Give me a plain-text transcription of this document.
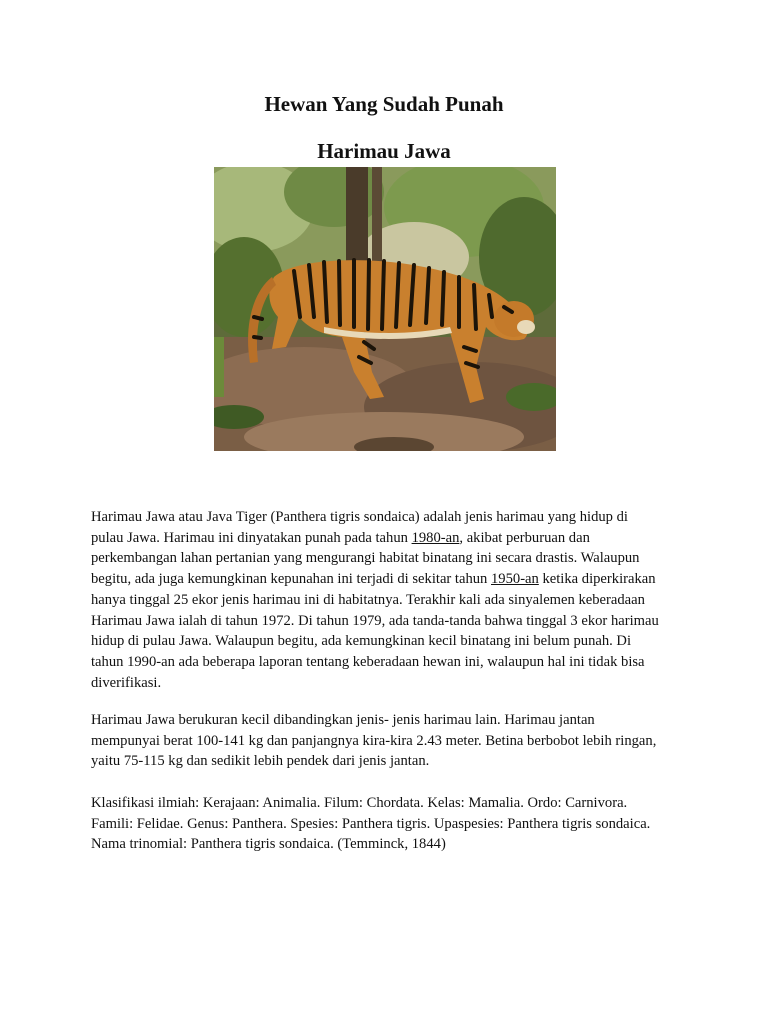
Hewan Yang Sudah Punah
Harimau Jawa
Harimau Jawa atau Java Tiger (Panthera tigris sondaica) adalah jenis harimau yang hidup di
pulau Jawa. Harimau ini dinyatakan punah pada tahun 1980-an, akibat perburuan dan
perkembangan lahan pertanian yang mengurangi habitat binatang ini secara drastis. Walaupun
begitu, ada juga kemungkinan kepunahan ini terjadi di sekitar tahun 1950-an ketika diperkirakan
hanya tinggal 25 ekor jenis harimau ini di habitatnya. Terakhir kali ada sinyalemen keberadaan
Harimau Jawa ialah di tahun 1972. Di tahun 1979, ada tanda-tanda bahwa tinggal 3 ekor harimau
hidup di pulau Jawa. Walaupun begitu, ada kemungkinan kecil binatang ini belum punah. Di
tahun 1990-an ada beberapa laporan tentang keberadaan hewan ini, walaupun hal ini tidak bisa
diverifikasi.
Harimau Jawa berukuran kecil dibandingkan jenis- jenis harimau lain. Harimau jantan
mempunyai berat 100-141 kg dan panjangnya kira-kira 2.43 meter. Betina berbobot lebih ringan,
yaitu 75-115 kg dan sedikit lebih pendek dari jenis jantan.
Klasifikasi ilmiah: Kerajaan: Animalia. Filum: Chordata. Kelas: Mamalia. Ordo: Carnivora.
Famili: Felidae. Genus: Panthera. Spesies: Panthera tigris. Upaspesies: Panthera tigris sondaica.
Nama trinomial: Panthera tigris sondaica. (Temminck, 1844)
